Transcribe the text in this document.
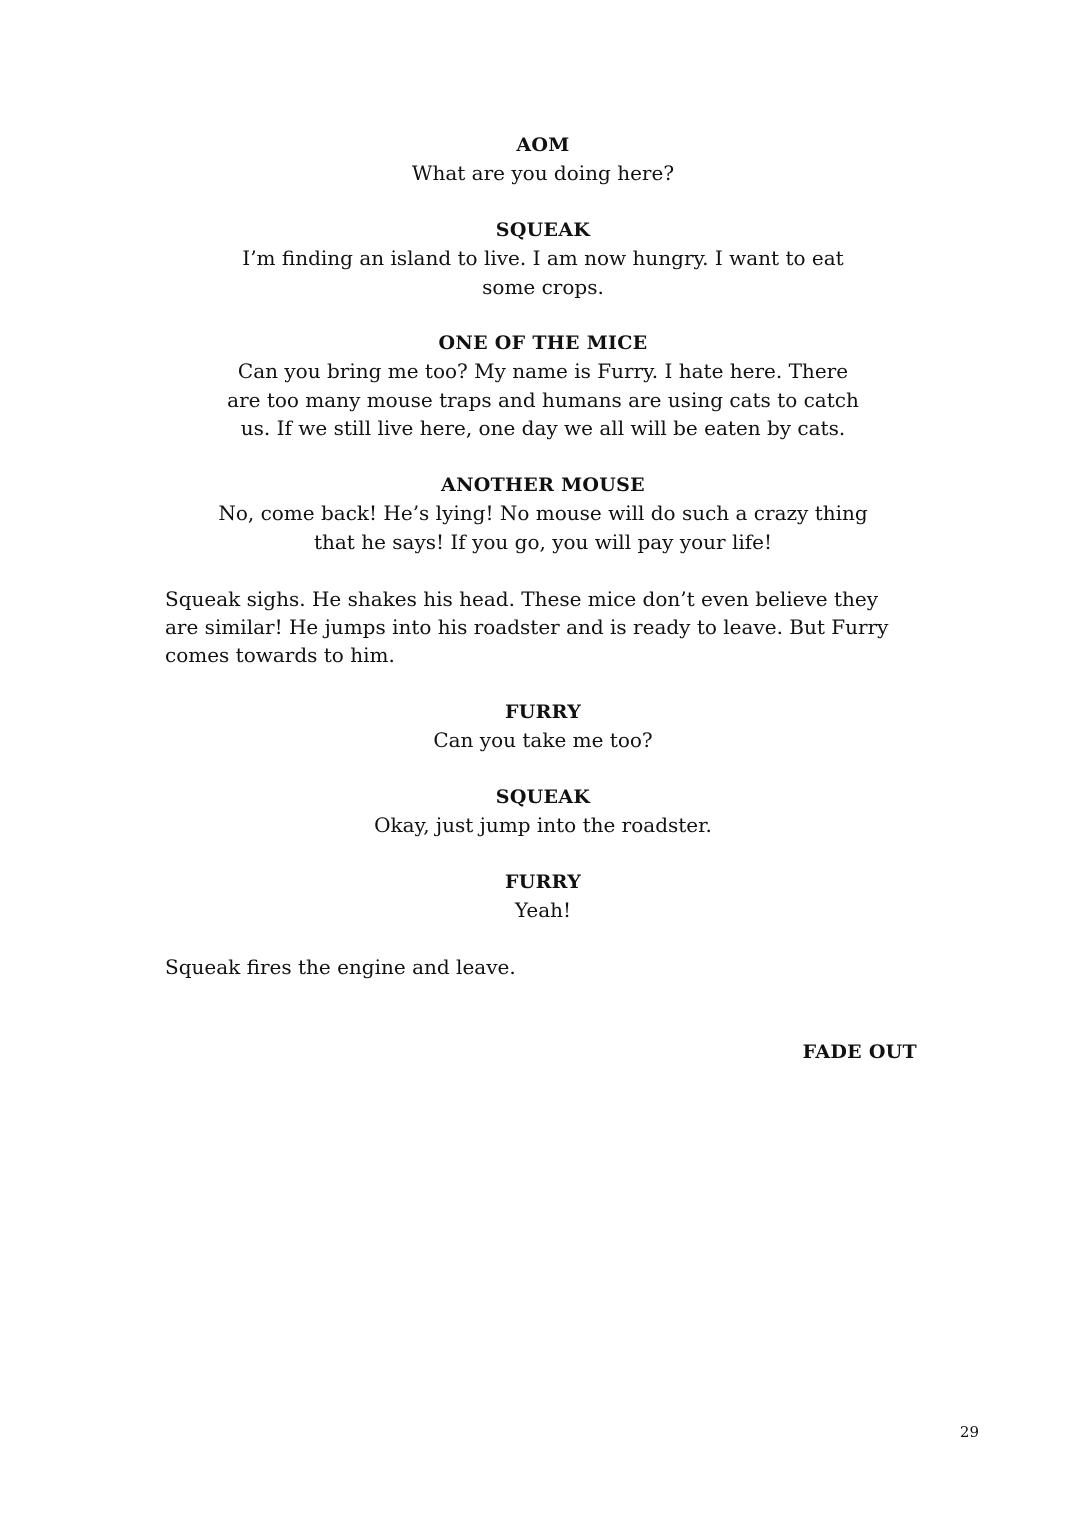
AOM
What are you doing here?
SQUEAK
I’m finding an island to live. I am now hungry. I want to eat
some crops.
ONE OF THE MICE
Can you bring me too? My name is Furry. I hate here. There
are too many mouse traps and humans are using cats to catch
us. If we still live here, one day we all will be eaten by cats.
ANOTHER MOUSE
No, come back! He’s lying! No mouse will do such a crazy thing
that he says! If you go, you will pay your life!
Squeak sighs. He shakes his head. These mice don’t even believe they
are similar! He jumps into his roadster and is ready to leave. But Furry
comes towards to him.
FURRY
Can you take me too?
SQUEAK
Okay, just jump into the roadster.
FURRY
Yeah!
Squeak fires the engine and leave.
FADE OUT
29
